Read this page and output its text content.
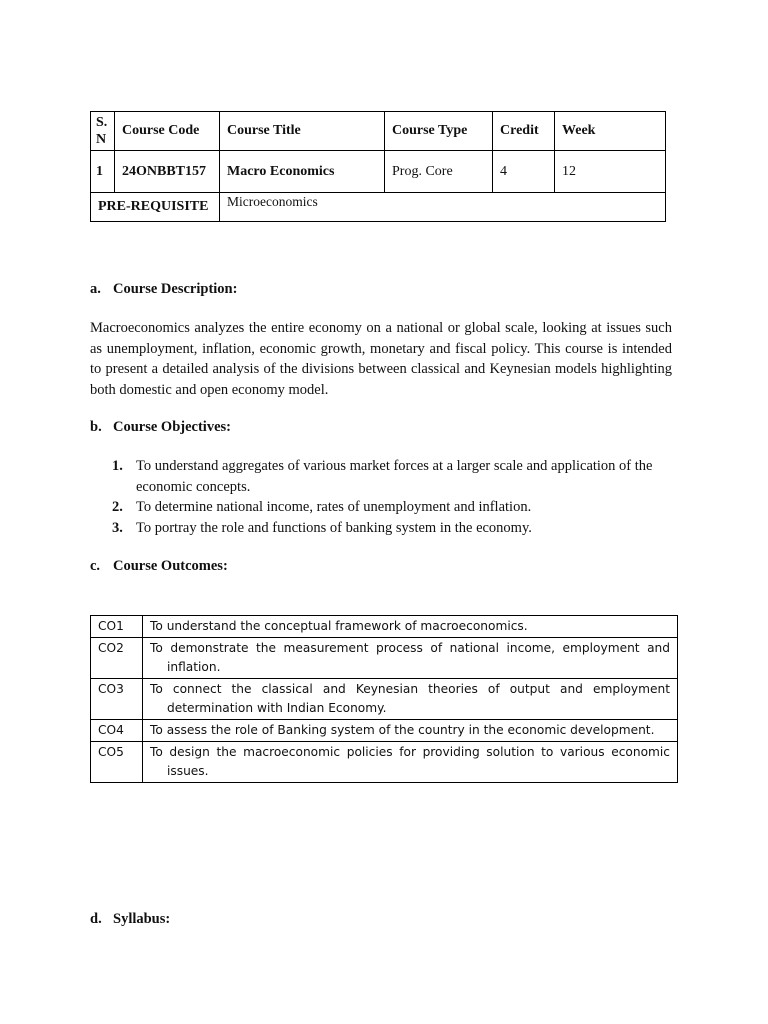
S.
N	Course Code	Course Title	Course Type	Credit	Week
1	24ONBBT157	Macro Economics	Prog. Core	4	12
PRE-REQUISITE		Microeconomics			
a. Course Description:
Macroeconomics analyzes the entire economy on a national or global scale, looking at issues such as unemployment, inflation, economic growth, monetary and fiscal policy. This course is intended to present a detailed analysis of the divisions between classical and Keynesian models highlighting both domestic and open economy model.
b. Course Objectives:
1. To understand aggregates of various market forces at a larger scale and application of the economic concepts.
2. To determine national income, rates of unemployment and inflation.
3. To portray the role and functions of banking system in the economy.
c. Course Outcomes:
CO1	To understand the conceptual framework of macroeconomics.

CO2	To demonstrate the measurement process of national income, employment and inflation.

CO3	To connect the classical and Keynesian theories of output and employment determination with Indian Economy.

CO4	To assess the role of Banking system of the country in the economic development.

CO5	To design the macroeconomic policies for providing solution to various economic issues.
d. Syllabus:
